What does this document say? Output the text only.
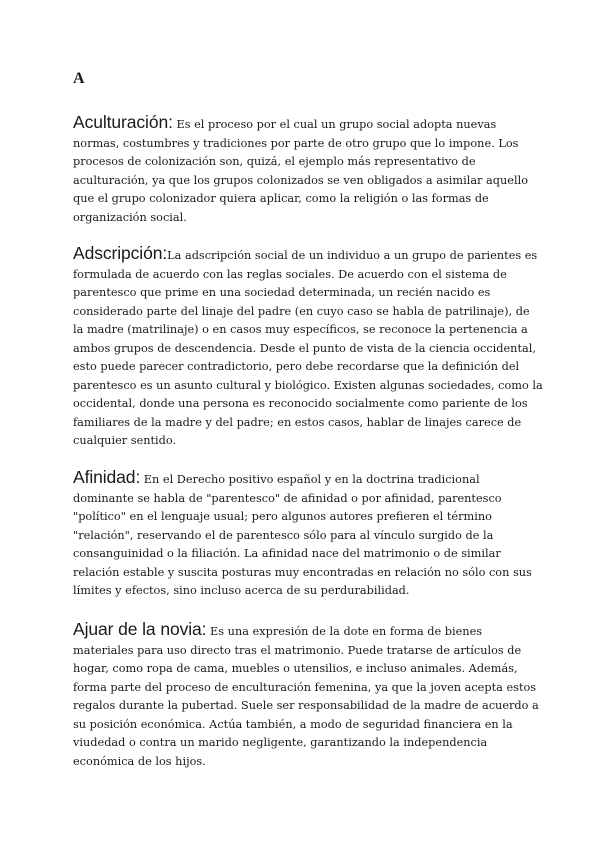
A

Aculturación: Es el proceso por el cual un grupo social adopta nuevas normas, costumbres y tradiciones por parte de otro grupo que lo impone. Los procesos de colonización son, quizá, el ejemplo más representativo de aculturación, ya que los grupos colonizados se ven obligados a asimilar aquello que el grupo colonizador quiera aplicar, como la religión o las formas de organización social.

Adscripción:La adscripción social de un individuo a un grupo de parientes es formulada de acuerdo con las reglas sociales. De acuerdo con el sistema de parentesco que prime en una sociedad determinada, un recién nacido es considerado parte del linaje del padre (en cuyo caso se habla de patrilinaje), de la madre (matrilinaje) o en casos muy específicos, se reconoce la pertenencia a ambos grupos de descendencia. Desde el punto de vista de la ciencia occidental, esto puede parecer contradictorio, pero debe recordarse que la definición del parentesco es un asunto cultural y biológico. Existen algunas sociedades, como la occidental, donde una persona es reconocido socialmente como pariente de los familiares de la madre y del padre; en estos casos, hablar de linajes carece de cualquier sentido.

Afinidad: En el Derecho positivo español y en la doctrina tradicional dominante se habla de "parentesco" de afinidad o por afinidad, parentesco "político" en el lenguaje usual; pero algunos autores prefieren el término "relación", reservando el de parentesco sólo para al vínculo surgido de la consanguinidad o la filiación. La afinidad nace del matrimonio o de similar relación estable y suscita posturas muy encontradas en relación no sólo con sus límites y efectos, sino incluso acerca de su perdurabilidad.

Ajuar de la novia: Es una expresión de la dote en forma de bienes materiales para uso directo tras el matrimonio. Puede tratarse de artículos de hogar, como ropa de cama, muebles o utensilios, e incluso animales. Además, forma parte del proceso de enculturación femenina, ya que la joven acepta estos regalos durante la pubertad. Suele ser responsabilidad de la madre de acuerdo a su posición económica. Actúa también, a modo de seguridad financiera en la viudedad o contra un marido negligente, garantizando la independencia económica de los hijos.
